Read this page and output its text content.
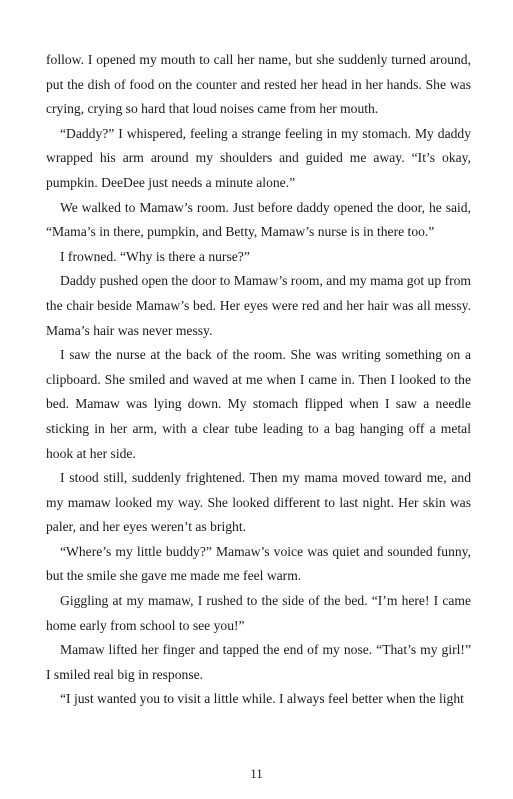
follow. I opened my mouth to call her name, but she suddenly turned around, put the dish of food on the counter and rested her head in her hands. She was crying, crying so hard that loud noises came from her mouth.

“Daddy?” I whispered, feeling a strange feeling in my stomach. My daddy wrapped his arm around my shoulders and guided me away. “It’s okay, pumpkin. DeeDee just needs a minute alone.”

We walked to Mamaw’s room. Just before daddy opened the door, he said, “Mama’s in there, pumpkin, and Betty, Mamaw’s nurse is in there too.”

I frowned. “Why is there a nurse?”

Daddy pushed open the door to Mamaw’s room, and my mama got up from the chair beside Mamaw’s bed. Her eyes were red and her hair was all messy. Mama’s hair was never messy.

I saw the nurse at the back of the room. She was writing something on a clipboard. She smiled and waved at me when I came in. Then I looked to the bed. Mamaw was lying down. My stomach flipped when I saw a needle sticking in her arm, with a clear tube leading to a bag hanging off a metal hook at her side.

I stood still, suddenly frightened. Then my mama moved toward me, and my mamaw looked my way. She looked different to last night. Her skin was paler, and her eyes weren’t as bright.

“Where’s my little buddy?” Mamaw’s voice was quiet and sounded funny, but the smile she gave me made me feel warm.

Giggling at my mamaw, I rushed to the side of the bed. “I’m here! I came home early from school to see you!”

Mamaw lifted her finger and tapped the end of my nose. “That’s my girl!” I smiled real big in response.

“I just wanted you to visit a little while. I always feel better when the light

11
